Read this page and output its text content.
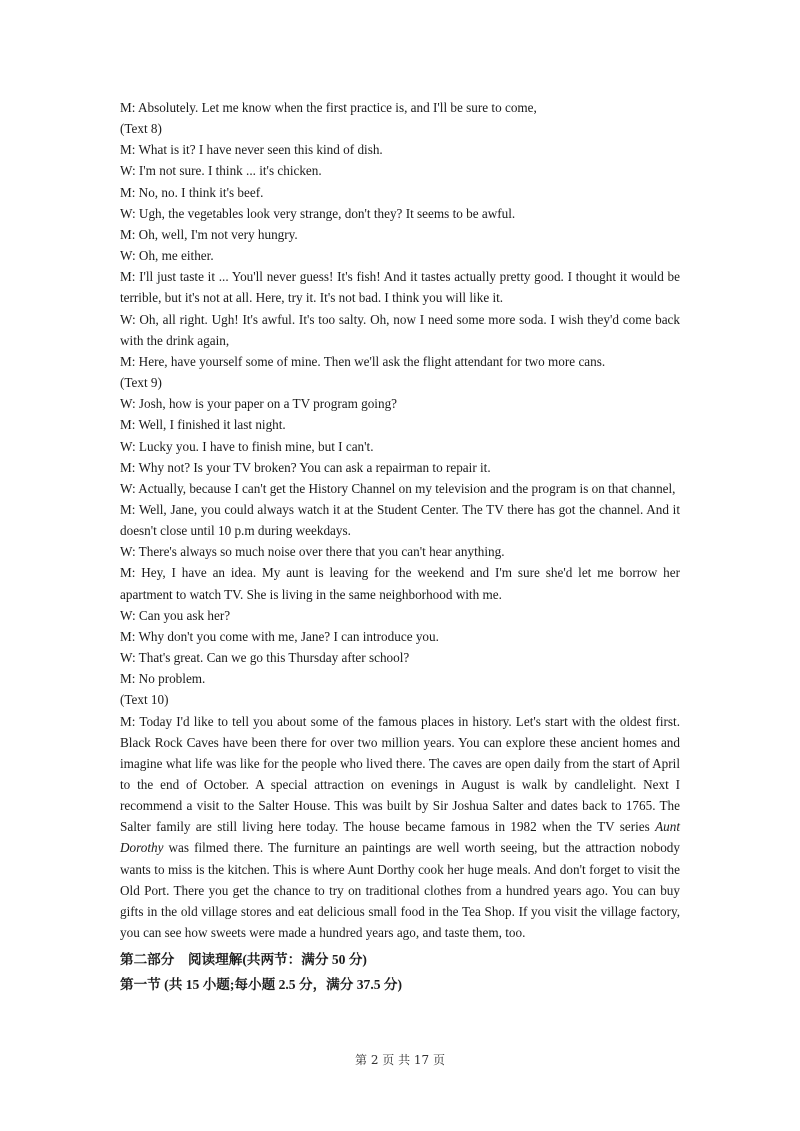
M: Absolutely. Let me know when the first practice is, and I'll be sure to come,
(Text 8)
M: What is it? I have never seen this kind of dish.
W: I'm not sure. I think ... it's chicken.
M: No, no. I think it's beef.
W: Ugh, the vegetables look very strange, don't they? It seems to be awful.
M: Oh, well, I'm not very hungry.
W: Oh, me either.
M: I'll just taste it ... You'll never guess! It's fish! And it tastes actually pretty good. I thought it would be terrible, but it's not at all. Here, try it. It's not bad. I think you will like it.
W: Oh, all right. Ugh! It's awful. It's too salty. Oh, now I need some more soda. I wish they'd come back with the drink again,
M: Here, have yourself some of mine. Then we'll ask the flight attendant for two more cans.
(Text 9)
W: Josh, how is your paper on a TV program going?
M: Well, I finished it last night.
W: Lucky you. I have to finish mine, but I can't.
M: Why not? Is your TV broken? You can ask a repairman to repair it.
W: Actually, because I can't get the History Channel on my television and the program is on that channel,
M: Well, Jane, you could always watch it at the Student Center. The TV there has got the channel. And it doesn't close until 10 p.m during weekdays.
W: There's always so much noise over there that you can't hear anything.
M: Hey, I have an idea. My aunt is leaving for the weekend and I'm sure she'd let me borrow her apartment to watch TV. She is living in the same neighborhood with me.
W: Can you ask her?
M: Why don't you come with me, Jane? I can introduce you.
W: That's great. Can we go this Thursday after school?
M: No problem.
(Text 10)
M: Today I'd like to tell you about some of the famous places in history. Let's start with the oldest first. Black Rock Caves have been there for over two million years. You can explore these ancient homes and imagine what life was like for the people who lived there. The caves are open daily from the start of April to the end of October. A special attraction on evenings in August is walk by candlelight. Next I recommend a visit to the Salter House. This was built by Sir Joshua Salter and dates back to 1765. The Salter family are still living here today. The house became famous in 1982 when the TV series Aunt Dorothy was filmed there. The furniture an paintings are well worth seeing, but the attraction nobody wants to miss is the kitchen. This is where Aunt Dorthy cook her huge meals. And don't forget to visit the Old Port. There you get the chance to try on traditional clothes from a hundred years ago. You can buy gifts in the old village stores and eat delicious small food in the Tea Shop. If you visit the village factory, you can see how sweets were made a hundred years ago, and taste them, too.
第二部分　阅读理解(共两节：满分 50 分)
第一节 (共 15 小题;每小题 2.5 分，满分 37.5 分)
第 2 页 共 17 页
